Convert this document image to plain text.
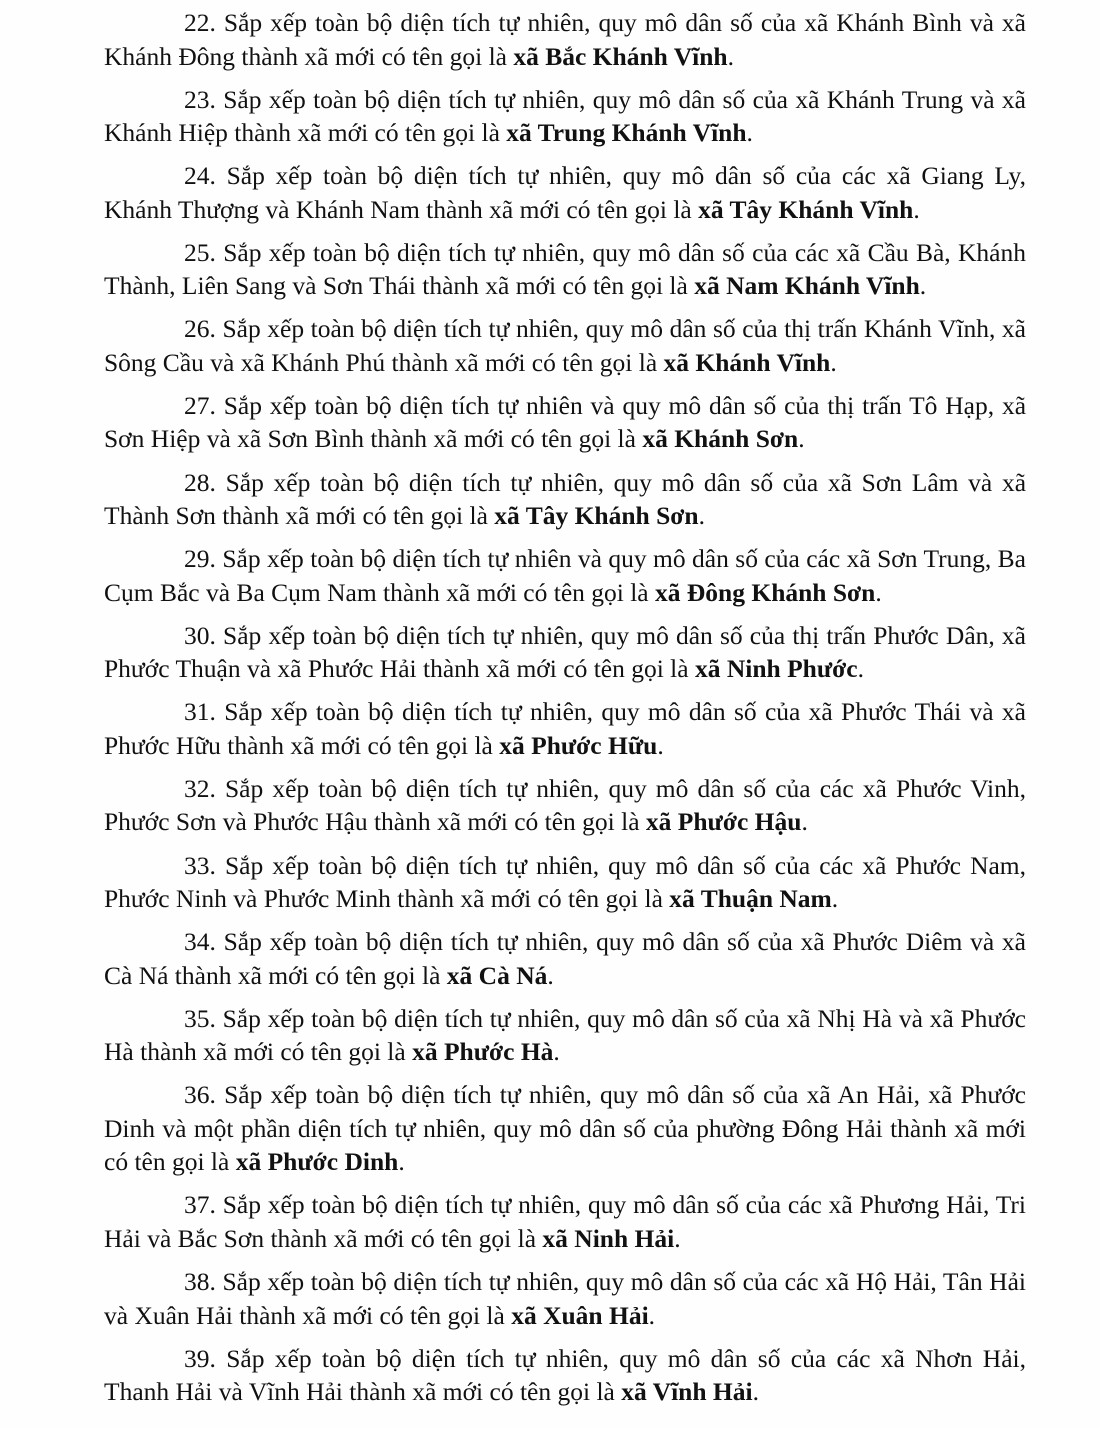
22. Sắp xếp toàn bộ diện tích tự nhiên, quy mô dân số của xã Khánh Bình và xã Khánh Đông thành xã mới có tên gọi là xã Bắc Khánh Vĩnh.

23. Sắp xếp toàn bộ diện tích tự nhiên, quy mô dân số của xã Khánh Trung và xã Khánh Hiệp thành xã mới có tên gọi là xã Trung Khánh Vĩnh.

24. Sắp xếp toàn bộ diện tích tự nhiên, quy mô dân số của các xã Giang Ly, Khánh Thượng và Khánh Nam thành xã mới có tên gọi là xã Tây Khánh Vĩnh.

25. Sắp xếp toàn bộ diện tích tự nhiên, quy mô dân số của các xã Cầu Bà, Khánh Thành, Liên Sang và Sơn Thái thành xã mới có tên gọi là xã Nam Khánh Vĩnh.

26. Sắp xếp toàn bộ diện tích tự nhiên, quy mô dân số của thị trấn Khánh Vĩnh, xã Sông Cầu và xã Khánh Phú thành xã mới có tên gọi là xã Khánh Vĩnh.

27. Sắp xếp toàn bộ diện tích tự nhiên và quy mô dân số của thị trấn Tô Hạp, xã Sơn Hiệp và xã Sơn Bình thành xã mới có tên gọi là xã Khánh Sơn.

28. Sắp xếp toàn bộ diện tích tự nhiên, quy mô dân số của xã Sơn Lâm và xã Thành Sơn thành xã mới có tên gọi là xã Tây Khánh Sơn.

29. Sắp xếp toàn bộ diện tích tự nhiên và quy mô dân số của các xã Sơn Trung, Ba Cụm Bắc và Ba Cụm Nam thành xã mới có tên gọi là xã Đông Khánh Sơn.

30. Sắp xếp toàn bộ diện tích tự nhiên, quy mô dân số của thị trấn Phước Dân, xã Phước Thuận và xã Phước Hải thành xã mới có tên gọi là xã Ninh Phước.

31. Sắp xếp toàn bộ diện tích tự nhiên, quy mô dân số của xã Phước Thái và xã Phước Hữu thành xã mới có tên gọi là xã Phước Hữu.

32. Sắp xếp toàn bộ diện tích tự nhiên, quy mô dân số của các xã Phước Vinh, Phước Sơn và Phước Hậu thành xã mới có tên gọi là xã Phước Hậu.

33. Sắp xếp toàn bộ diện tích tự nhiên, quy mô dân số của các xã Phước Nam, Phước Ninh và Phước Minh thành xã mới có tên gọi là xã Thuận Nam.

34. Sắp xếp toàn bộ diện tích tự nhiên, quy mô dân số của xã Phước Diêm và xã Cà Ná thành xã mới có tên gọi là xã Cà Ná.

35. Sắp xếp toàn bộ diện tích tự nhiên, quy mô dân số của xã Nhị Hà và xã Phước Hà thành xã mới có tên gọi là xã Phước Hà.

36. Sắp xếp toàn bộ diện tích tự nhiên, quy mô dân số của xã An Hải, xã Phước Dinh và một phần diện tích tự nhiên, quy mô dân số của phường Đông Hải thành xã mới có tên gọi là xã Phước Dinh.

37. Sắp xếp toàn bộ diện tích tự nhiên, quy mô dân số của các xã Phương Hải, Tri Hải và Bắc Sơn thành xã mới có tên gọi là xã Ninh Hải.

38. Sắp xếp toàn bộ diện tích tự nhiên, quy mô dân số của các xã Hộ Hải, Tân Hải và Xuân Hải thành xã mới có tên gọi là xã Xuân Hải.

39. Sắp xếp toàn bộ diện tích tự nhiên, quy mô dân số của các xã Nhơn Hải, Thanh Hải và Vĩnh Hải thành xã mới có tên gọi là xã Vĩnh Hải.
